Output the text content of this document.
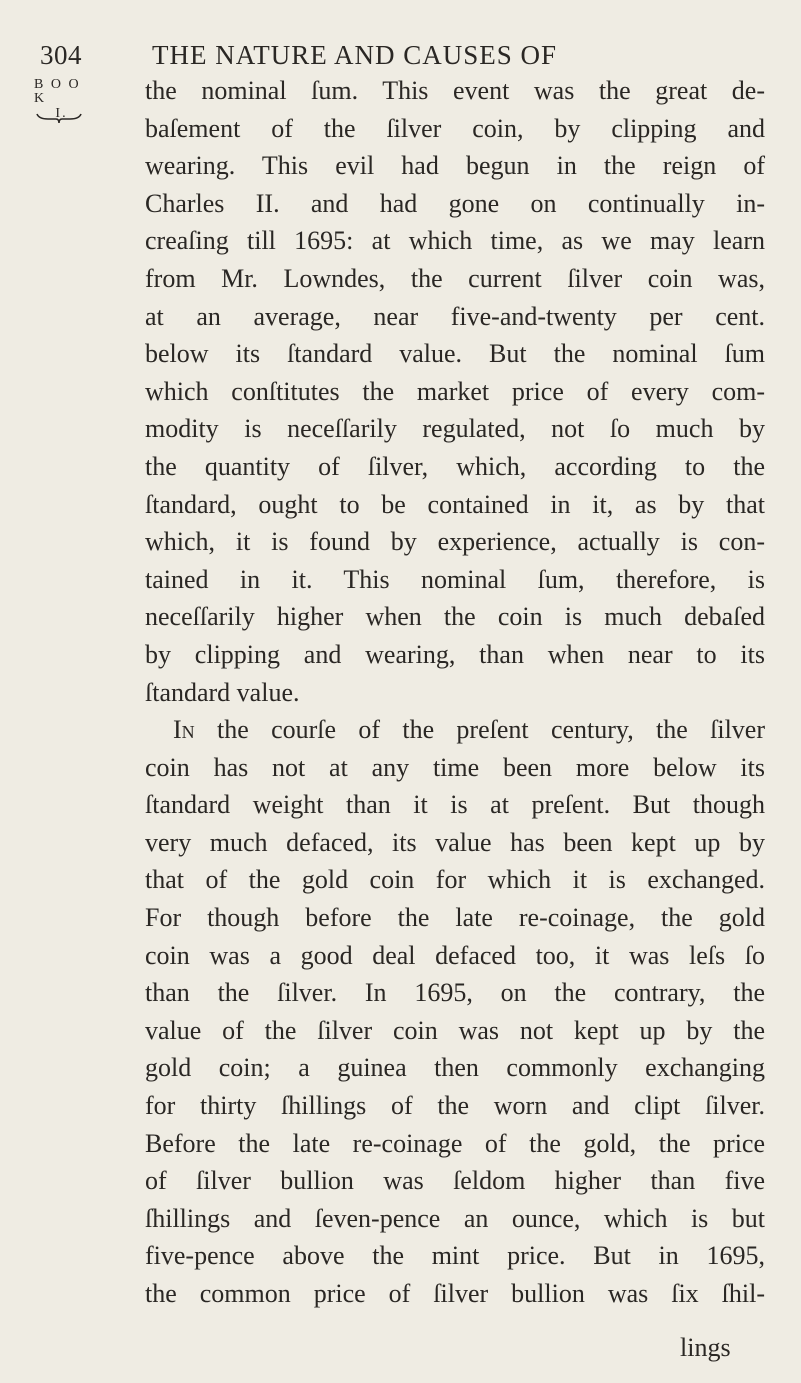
304	THE NATURE AND CAUSES OF
B O O K
I.

the nominal ſum. This event was the great de-
baſement of the ſilver coin, by clipping and
wearing. This evil had begun in the reign of
Charles II. and had gone on continually in-
creaſing till 1695: at which time, as we may learn
from Mr. Lowndes, the current ſilver coin was,
at an average, near five-and-twenty per cent.
below its ſtandard value. But the nominal ſum
which conſtitutes the market price of every com-
modity is neceſſarily regulated, not ſo much by
the quantity of ſilver, which, according to the
ſtandard, ought to be contained in it, as by that
which, it is found by experience, actually is con-
tained in it. This nominal ſum, therefore, is
neceſſarily higher when the coin is much debaſed
by clipping and wearing, than when near to its
ſtandard value.

In the courſe of the preſent century, the ſilver
coin has not at any time been more below its
ſtandard weight than it is at preſent. But though
very much defaced, its value has been kept up by
that of the gold coin for which it is exchanged.
For though before the late re-coinage, the gold
coin was a good deal defaced too, it was leſs ſo
than the ſilver. In 1695, on the contrary, the
value of the ſilver coin was not kept up by the
gold coin; a guinea then commonly exchanging
for thirty ſhillings of the worn and clipt ſilver.
Before the late re-coinage of the gold, the price
of ſilver bullion was ſeldom higher than five
ſhillings and ſeven-pence an ounce, which is but
five-pence above the mint price. But in 1695,
the common price of ſilver bullion was ſix ſhil-

lings
